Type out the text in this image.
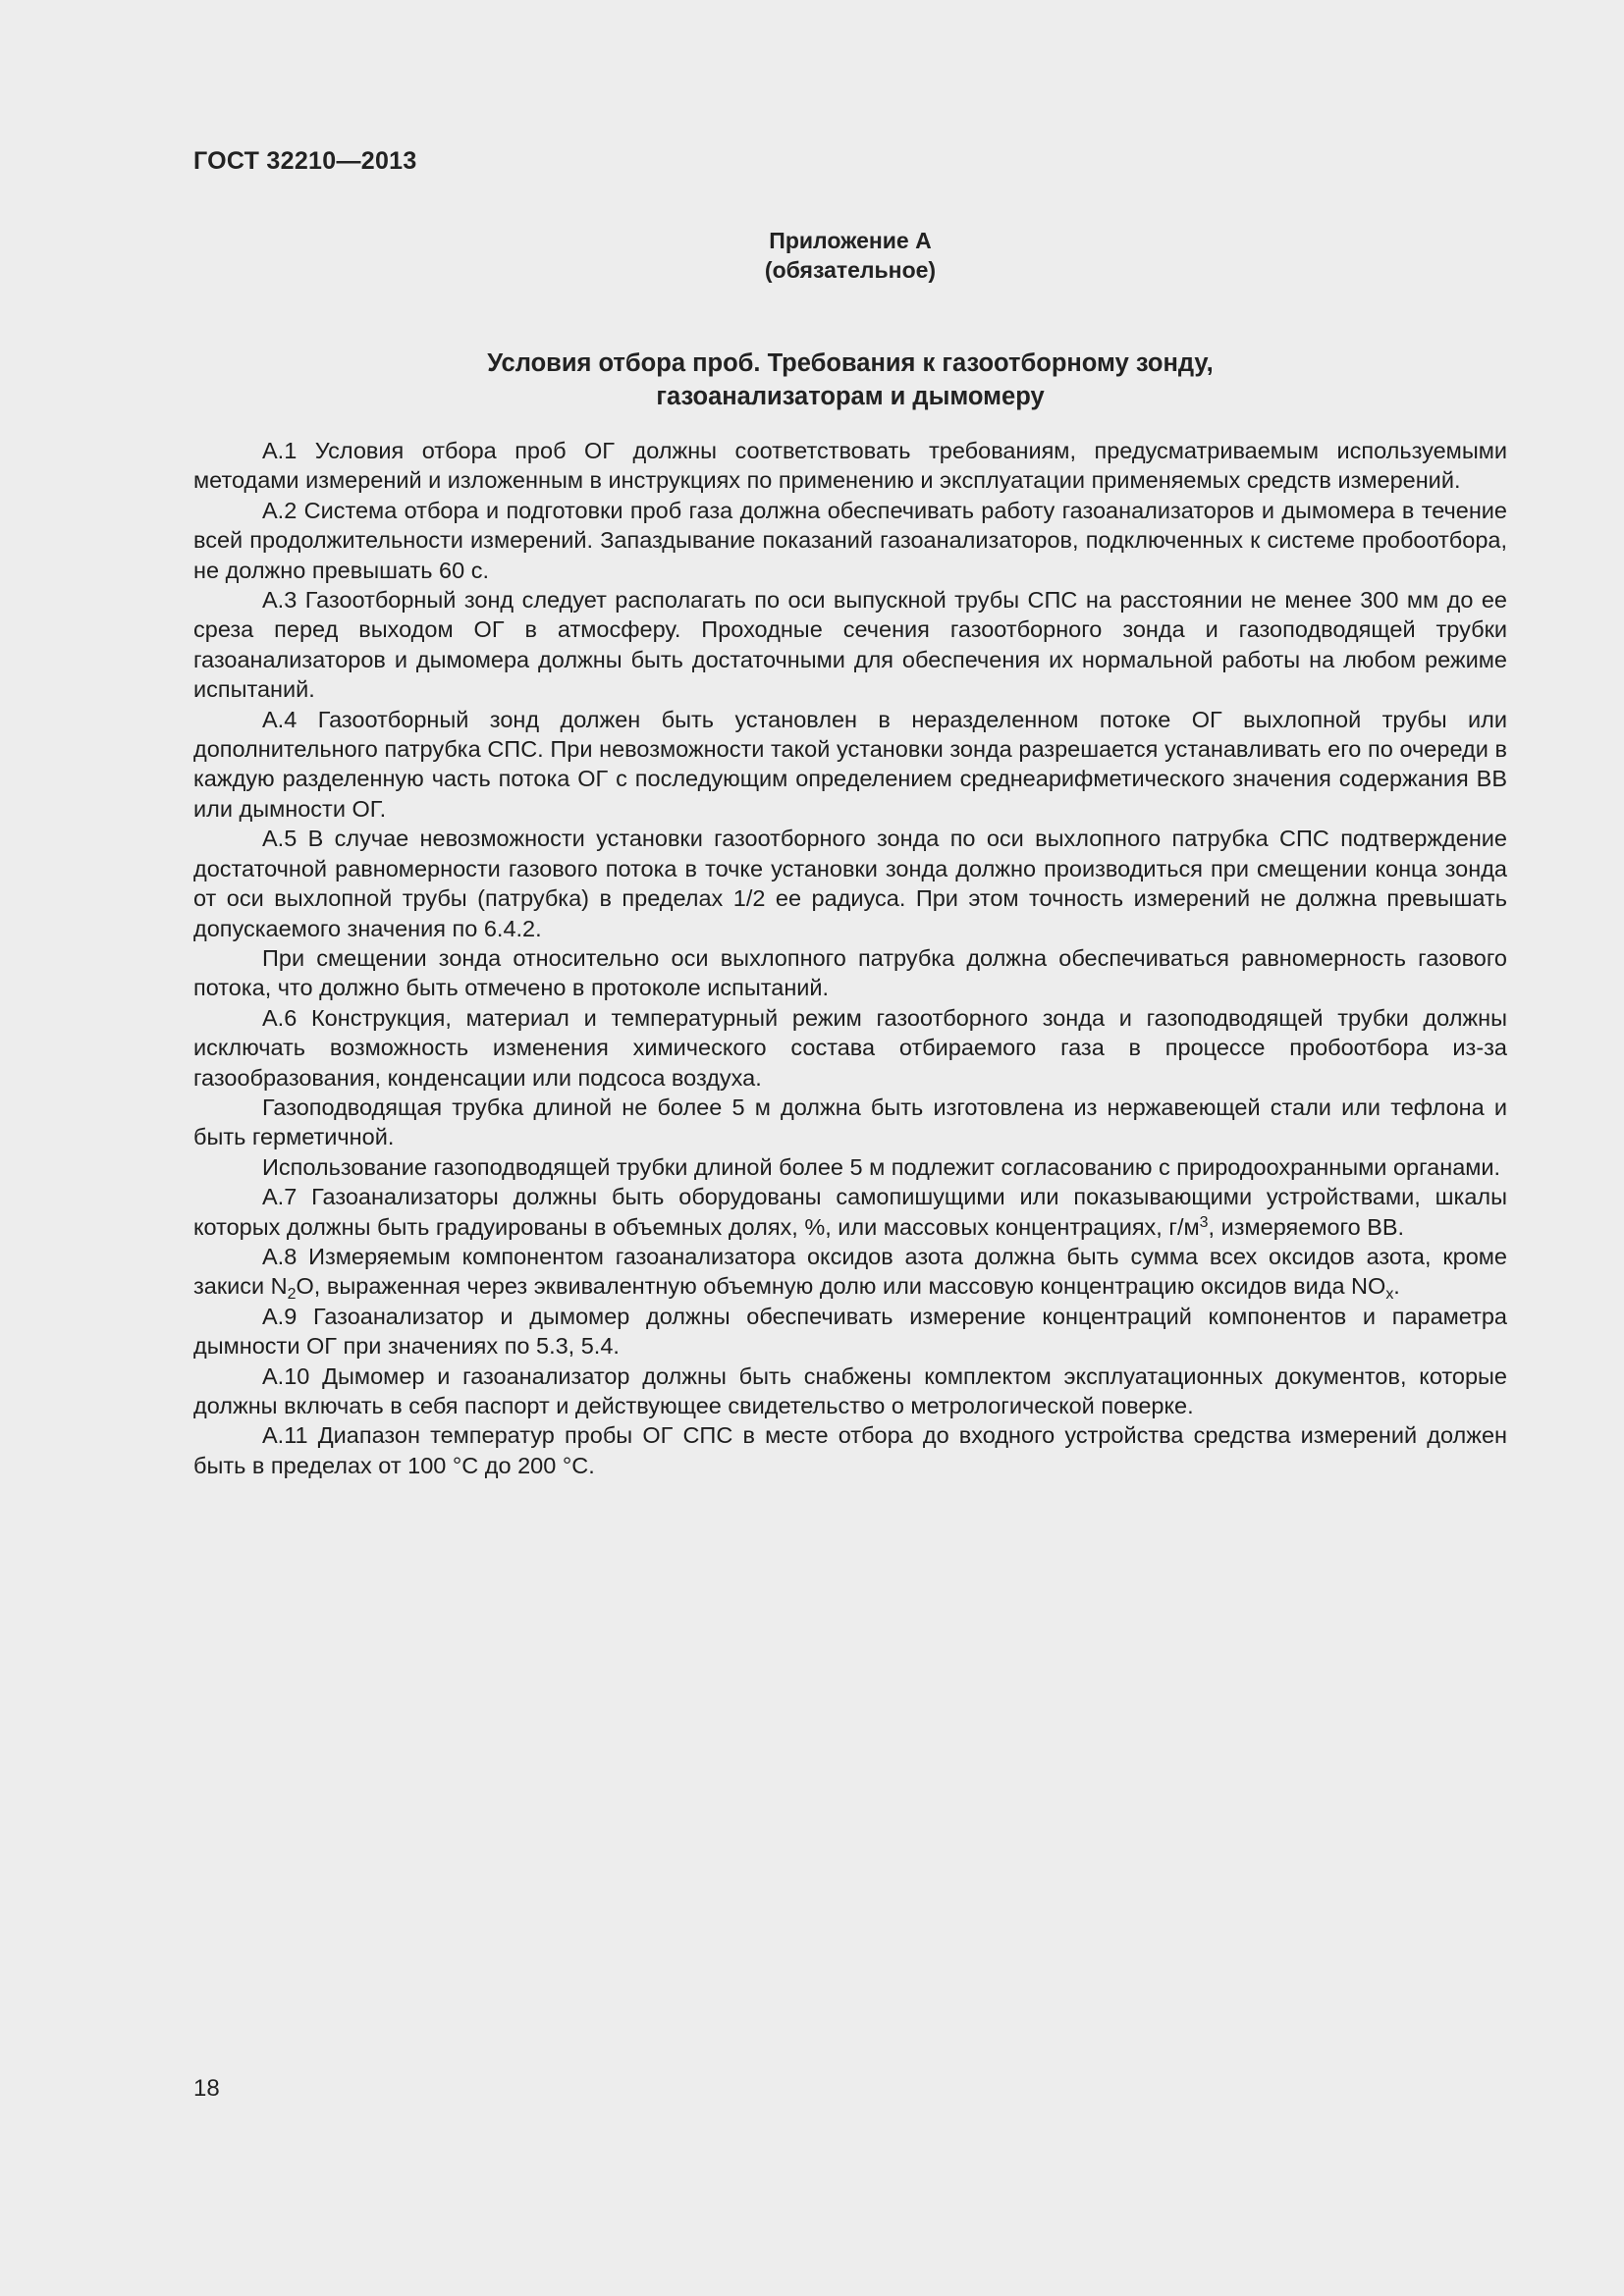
ГОСТ 32210—2013
Приложение А
(обязательное)
Условия отбора проб. Требования к газоотборному зонду,
газоанализаторам и дымомеру

А.1 Условия отбора проб ОГ должны соответствовать требованиям, предусматриваемым используемыми методами измерений и изложенным в инструкциях по применению и эксплуатации применяемых средств измерений.

А.2 Система отбора и подготовки проб газа должна обеспечивать работу газоанализаторов и дымомера в течение всей продолжительности измерений. Запаздывание показаний газоанализаторов, подключенных к системе пробоотбора, не должно превышать 60 с.

А.3 Газоотборный зонд следует располагать по оси выпускной трубы СПС на расстоянии не менее 300 мм до ее среза перед выходом ОГ в атмосферу. Проходные сечения газоотборного зонда и газоподводящей трубки газоанализаторов и дымомера должны быть достаточными для обеспечения их нормальной работы на любом режиме испытаний.

А.4 Газоотборный зонд должен быть установлен в неразделенном потоке ОГ выхлопной трубы или дополнительного патрубка СПС. При невозможности такой установки зонда разрешается устанавливать его по очереди в каждую разделенную часть потока ОГ с последующим определением среднеарифметического значения содержания ВВ или дымности ОГ.

А.5 В случае невозможности установки газоотборного зонда по оси выхлопного патрубка СПС подтверждение достаточной равномерности газового потока в точке установки зонда должно производиться при смещении конца зонда от оси выхлопной трубы (патрубка) в пределах 1/2 ее радиуса. При этом точность измерений не должна превышать допускаемого значения по 6.4.2.

При смещении зонда относительно оси выхлопного патрубка должна обеспечиваться равномерность газового потока, что должно быть отмечено в протоколе испытаний.

А.6 Конструкция, материал и температурный режим газоотборного зонда и газоподводящей трубки должны исключать возможность изменения химического состава отбираемого газа в процессе пробоотбора из-за газообразования, конденсации или подсоса воздуха.

Газоподводящая трубка длиной не более 5 м должна быть изготовлена из нержавеющей стали или тефлона и быть герметичной.

Использование газоподводящей трубки длиной более 5 м подлежит согласованию с природоохранными органами.

А.7 Газоанализаторы должны быть оборудованы самопишущими или показывающими устройствами, шкалы которых должны быть градуированы в объемных долях, %, или массовых концентрациях, $г/м^3$, измеряемого ВВ.

А.8 Измеряемым компонентом газоанализатора оксидов азота должна быть сумма всех оксидов азота, кроме закиси $N_2O$, выраженная через эквивалентную объемную долю или массовую концентрацию оксидов вида $NO_x$.

А.9 Газоанализатор и дымомер должны обеспечивать измерение концентраций компонентов и параметра дымности ОГ при значениях по 5.3, 5.4.

А.10 Дымомер и газоанализатор должны быть снабжены комплектом эксплуатационных документов, которые должны включать в себя паспорт и действующее свидетельство о метрологической поверке.

А.11 Диапазон температур пробы ОГ СПС в месте отбора до входного устройства средства измерений должен быть в пределах от 100 °С до 200 °С.

18
